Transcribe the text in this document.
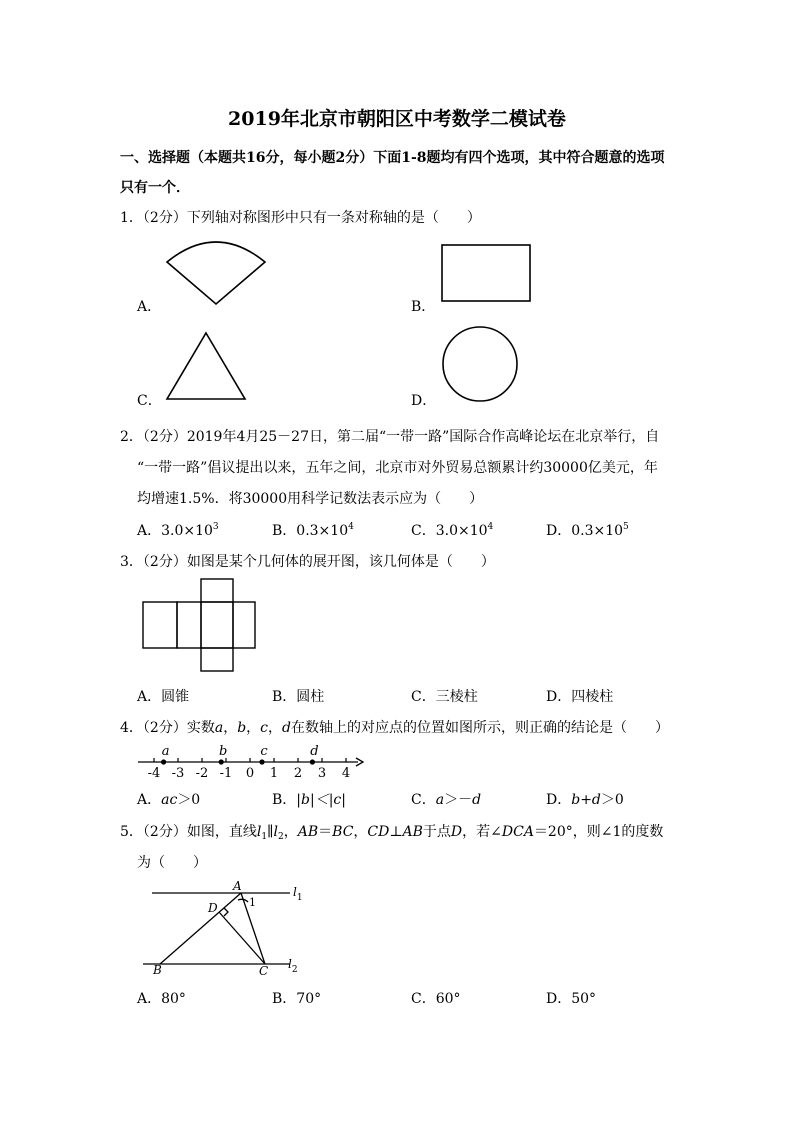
2019年北京市朝阳区中考数学二模试卷
一、选择题（本题共16分，每小题2分）下面1-8题均有四个选项，其中符合题意的选项
只有一个．
1．（2分）下列轴对称图形中只有一条对称轴的是（　　）
A．	B．
C．	D．
2．（2分）2019年4月25－27日，第二届“一带一路”国际合作高峰论坛在北京举行，自
“一带一路”倡议提出以来，五年之间，北京市对外贸易总额累计约30000亿美元，年
均增速1.5%．将30000用科学记数法表示应为（　　）
A．$3.0\times 10^3$	B．$0.3\times 10^4$	C．$3.0\times 10^4$	D．$0.3\times 10^5$
3．（2分）如图是某个几何体的展开图，该几何体是（　　）
A．圆锥	B．圆柱	C．三棱柱	D．四棱柱
4．（2分）实数a，b，c，d在数轴上的对应点的位置如图所示，则正确的结论是（　　）
-4 -3 -2 -1 0 1 2 3 4
a	b	c	d
A．ac＞0	B．|b|＜|c|	C．a＞－d	D．b+d＞0
5．（2分）如图，直线$l_1\parallel l_2$，AB＝BC，CD⊥AB于点D，若∠DCA＝20°，则∠1的度数
为（　　）
A
D	1
B	C
$l_1$
$l_2$
A．80°	B．70°	C．60°	D．50°
